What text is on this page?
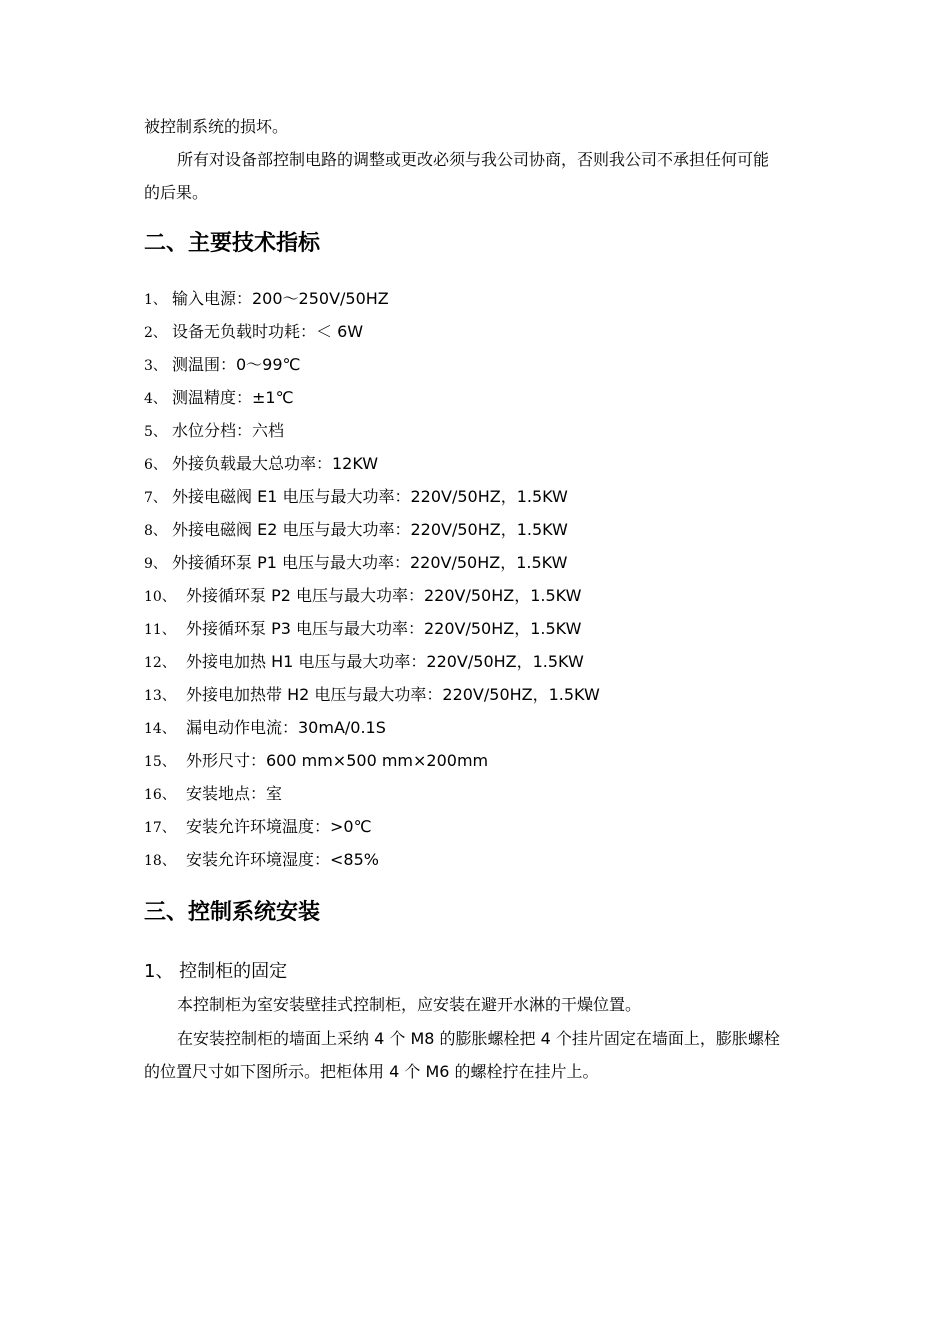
被控制系统的损坏。

所有对设备部控制电路的调整或更改必须与我公司协商，否则我公司不承担任何可能

的后果。

二、主要技术指标
1、 输入电源：200～250V/50HZ
2、 设备无负载时功耗：＜ 6W
3、 测温围：0～99℃
4、 测温精度：±1℃
5、 水位分档：六档
6、 外接负载最大总功率：12KW
7、 外接电磁阀 E1 电压与最大功率：220V/50HZ，1.5KW
8、 外接电磁阀 E2 电压与最大功率：220V/50HZ，1.5KW
9、 外接循环泵 P1 电压与最大功率：220V/50HZ，1.5KW
10、 外接循环泵 P2 电压与最大功率：220V/50HZ，1.5KW
11、 外接循环泵 P3 电压与最大功率：220V/50HZ，1.5KW
12、 外接电加热 H1 电压与最大功率：220V/50HZ，1.5KW
13、 外接电加热带 H2 电压与最大功率：220V/50HZ，1.5KW
14、 漏电动作电流：30mA/0.1S
15、 外形尺寸：600 mm×500 mm×200mm
16、 安装地点：室
17、 安装允许环境温度：>0℃
18、 安装允许环境湿度：<85%
三、控制系统安装

1、 控制柜的固定

本控制柜为室安装壁挂式控制柜，应安装在避开水淋的干燥位置。

在安装控制柜的墙面上采纳 4 个 M8 的膨胀螺栓把 4 个挂片固定在墙面上，膨胀螺栓

的位置尺寸如下图所示。把柜体用 4 个 M6 的螺栓拧在挂片上。
